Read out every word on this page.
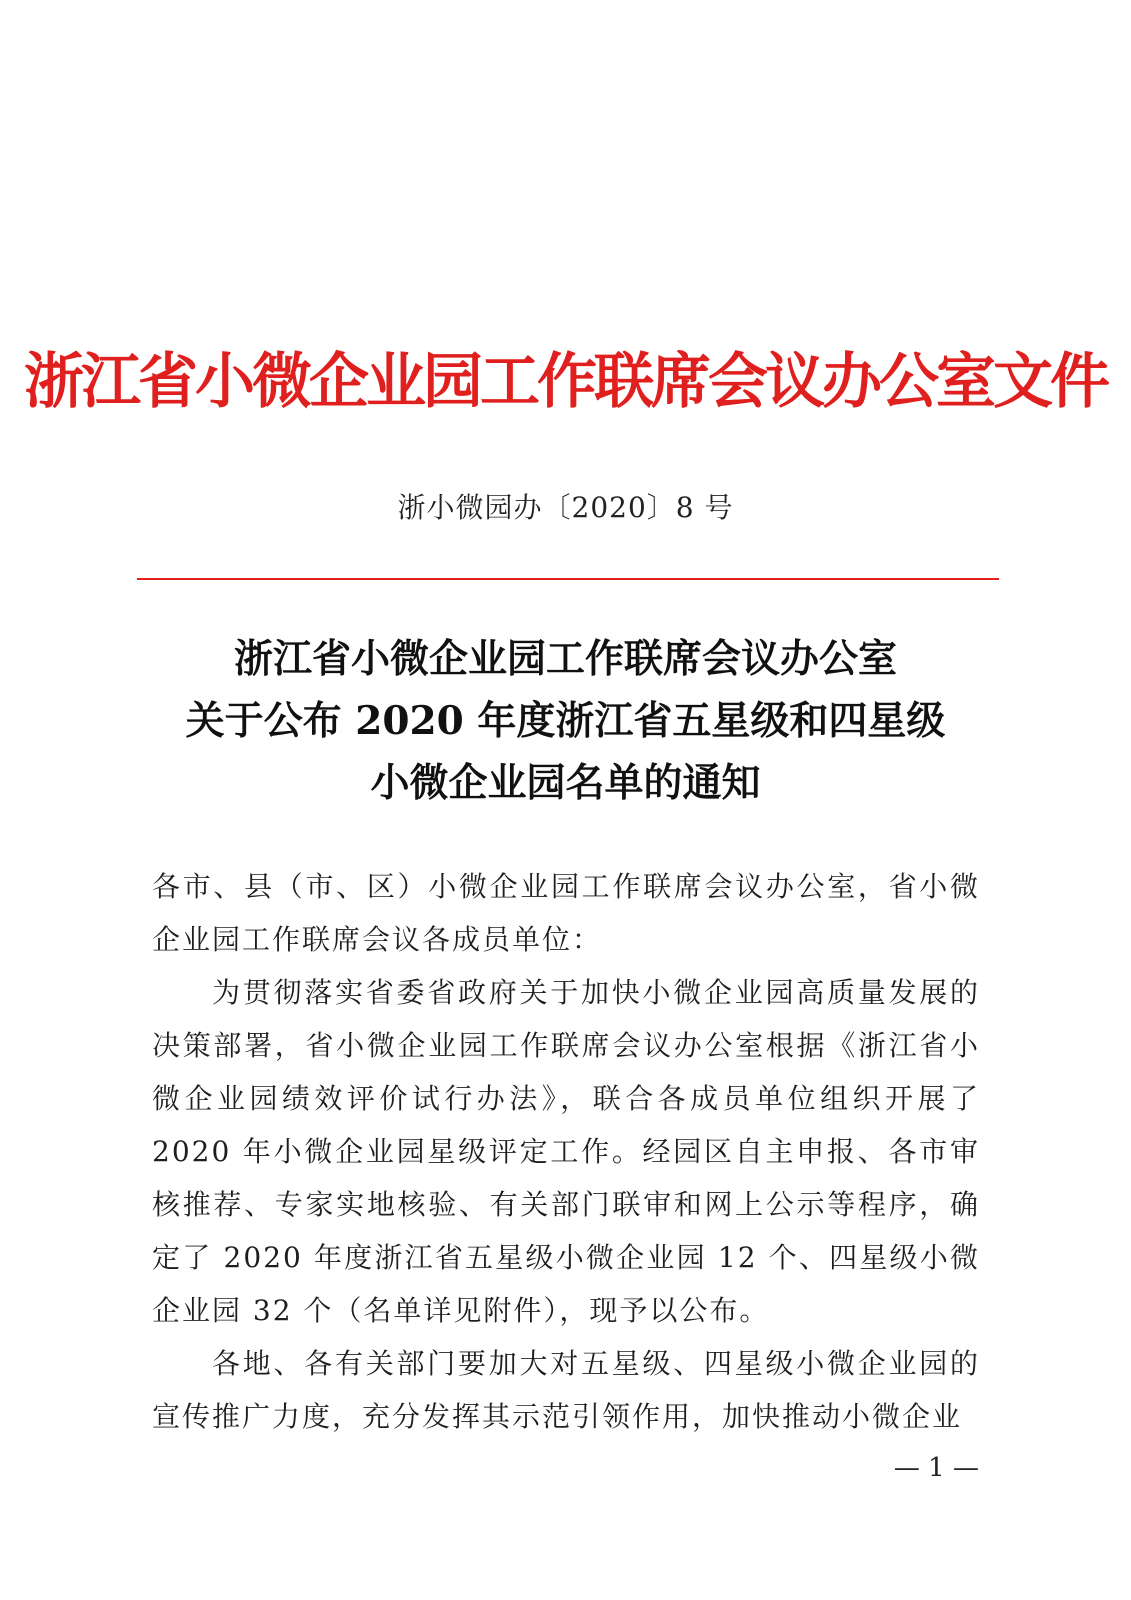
浙江省小微企业园工作联席会议办公室文件
浙小微园办〔2020〕8 号
浙江省小微企业园工作联席会议办公室
关于公布 2020 年度浙江省五星级和四星级
小微企业园名单的通知

各市、县（市、区）小微企业园工作联席会议办公室，省小微企业园工作联席会议各成员单位：

为贯彻落实省委省政府关于加快小微企业园高质量发展的决策部署，省小微企业园工作联席会议办公室根据《浙江省小微企业园绩效评价试行办法》，联合各成员单位组织开展了 2020 年小微企业园星级评定工作。经园区自主申报、各市审核推荐、专家实地核验、有关部门联审和网上公示等程序，确定了 2020 年度浙江省五星级小微企业园 12 个、四星级小微企业园 32 个（名单详见附件），现予以公布。

各地、各有关部门要加大对五星级、四星级小微企业园的宣传推广力度，充分发挥其示范引领作用，加快推动小微企业

— 1 —
